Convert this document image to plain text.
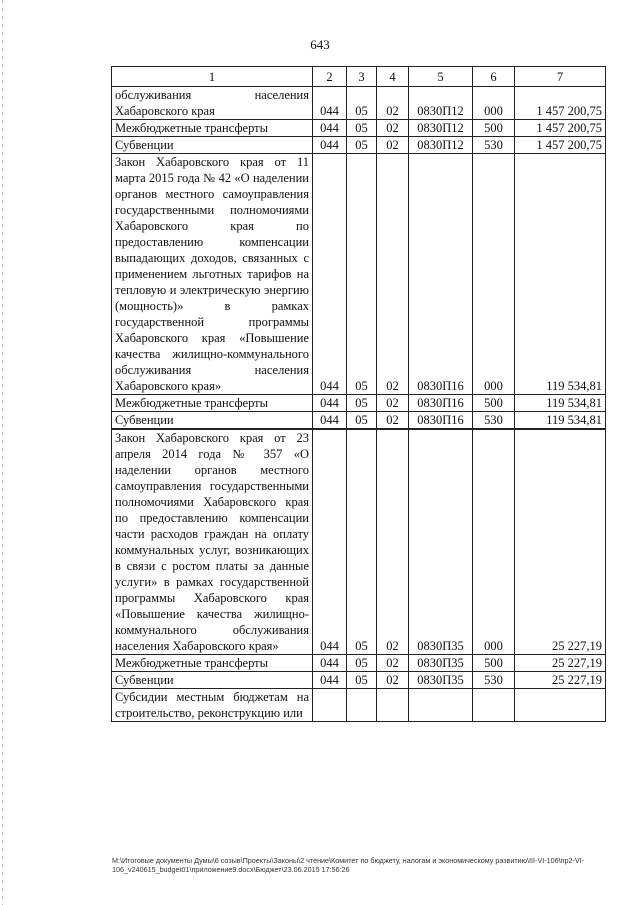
643
1	2	3	4	5	6	7
обслуживания населения Хабаровского края	044	05	02	0830П12	000	1 457 200,75
Межбюджетные трансферты	044	05	02	0830П12	500	1 457 200,75
Субвенции	044	05	02	0830П12	530	1 457 200,75
Закон Хабаровского края от 11 марта 2015 года № 42 «О наделении органов местного самоуправления государственными полномочиями Хабаровского края по предоставлению компенсации выпадающих доходов, связанных с применением льготных тарифов на тепловую и электрическую энергию (мощность)» в рамках государственной программы Хабаровского края «Повышение качества жилищно-коммунального обслуживания населения Хабаровского края»	044	05	02	0830П16	000	119 534,81
Межбюджетные трансферты	044	05	02	0830П16	500	119 534,81
Субвенции	044	05	02	0830П16	530	119 534,81
Закон Хабаровского края от 23 апреля 2014 года № 357 «О наделении органов местного самоуправления государственными полномочиями Хабаровского края по предоставлению компенсации части расходов граждан на оплату коммунальных услуг, возникающих в связи с ростом платы за данные услуги» в рамках государственной программы Хабаровского края «Повышение качества жилищно-коммунального обслуживания населения Хабаровского края»	044	05	02	0830П35	000	25 227,19
Межбюджетные трансферты	044	05	02	0830П35	500	25 227,19
Субвенции	044	05	02	0830П35	530	25 227,19
Субсидии местным бюджетам на строительство, реконструкцию или						
M:\Итоговые документы Думы\6 созыв\Проекты\Законы\2 чтение\Комитет по бюджету, налогам и экономическому развитию\III-VI-106\пр2-VI-106_v240615_budget01\приложение9.docx\Бюджет\23.06.2015 17:56:26
